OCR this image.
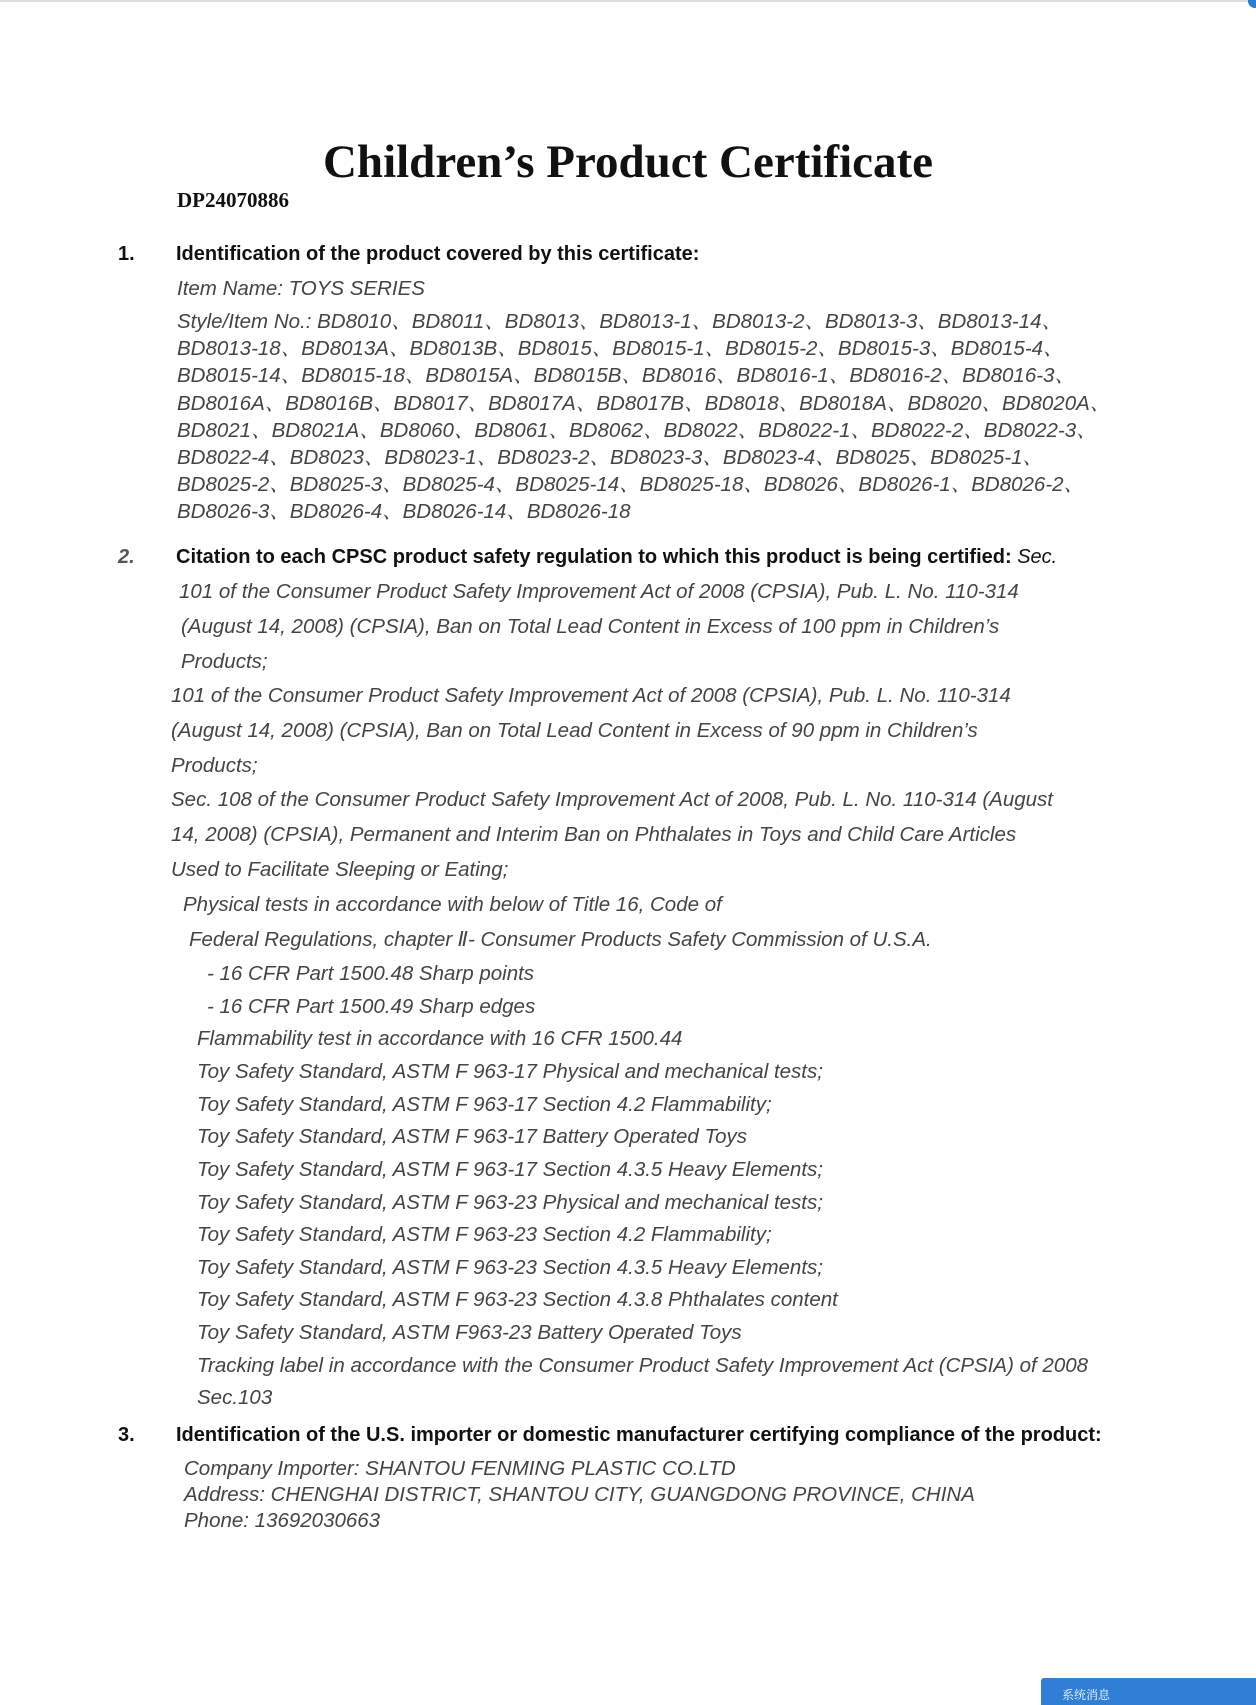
Children’s Product Certificate
DP24070886
1. Identification of the product covered by this certificate:
Item Name: TOYS SERIES
Style/Item No.: BD8010、BD8011、BD8013、BD8013-1、BD8013-2、BD8013-3、BD8013-14、
BD8013-18、BD8013A、BD8013B、BD8015、BD8015-1、BD8015-2、BD8015-3、BD8015-4、
BD8015-14、BD8015-18、BD8015A、BD8015B、BD8016、BD8016-1、BD8016-2、BD8016-3、
BD8016A、BD8016B、BD8017、BD8017A、BD8017B、BD8018、BD8018A、BD8020、BD8020A、
BD8021、BD8021A、BD8060、BD8061、BD8062、BD8022、BD8022-1、BD8022-2、BD8022-3、
BD8022-4、BD8023、BD8023-1、BD8023-2、BD8023-3、BD8023-4、BD8025、BD8025-1、
BD8025-2、BD8025-3、BD8025-4、BD8025-14、BD8025-18、BD8026、BD8026-1、BD8026-2、
BD8026-3、BD8026-4、BD8026-14、BD8026-18
2. Citation to each CPSC product safety regulation to which this product is being certified: Sec.
101 of the Consumer Product Safety Improvement Act of 2008 (CPSIA), Pub. L. No. 110-314
(August 14, 2008) (CPSIA), Ban on Total Lead Content in Excess of 100 ppm in Children’s
Products;
101 of the Consumer Product Safety Improvement Act of 2008 (CPSIA), Pub. L. No. 110-314
(August 14, 2008) (CPSIA), Ban on Total Lead Content in Excess of 90 ppm in Children’s
Products;
Sec. 108 of the Consumer Product Safety Improvement Act of 2008, Pub. L. No. 110-314 (August
14, 2008) (CPSIA), Permanent and Interim Ban on Phthalates in Toys and Child Care Articles
Used to Facilitate Sleeping or Eating;
Physical tests in accordance with below of Title 16, Code of
Federal Regulations, chapter Ⅱ- Consumer Products Safety Commission of U.S.A.
- 16 CFR Part 1500.48 Sharp points
- 16 CFR Part 1500.49 Sharp edges
Flammability test in accordance with 16 CFR 1500.44
Toy Safety Standard, ASTM F 963-17 Physical and mechanical tests;
Toy Safety Standard, ASTM F 963-17 Section 4.2 Flammability;
Toy Safety Standard, ASTM F 963-17 Battery Operated Toys
Toy Safety Standard, ASTM F 963-17 Section 4.3.5 Heavy Elements;
Toy Safety Standard, ASTM F 963-23 Physical and mechanical tests;
Toy Safety Standard, ASTM F 963-23 Section 4.2 Flammability;
Toy Safety Standard, ASTM F 963-23 Section 4.3.5 Heavy Elements;
Toy Safety Standard, ASTM F 963-23 Section 4.3.8 Phthalates content
Toy Safety Standard, ASTM F963-23 Battery Operated Toys
Tracking label in accordance with the Consumer Product Safety Improvement Act (CPSIA) of 2008
Sec.103
3. Identification of the U.S. importer or domestic manufacturer certifying compliance of the product:
Company Importer: SHANTOU FENMING PLASTIC CO.LTD
Address: CHENGHAI DISTRICT, SHANTOU CITY, GUANGDONG PROVINCE, CHINA
Phone: 13692030663
系统消息
